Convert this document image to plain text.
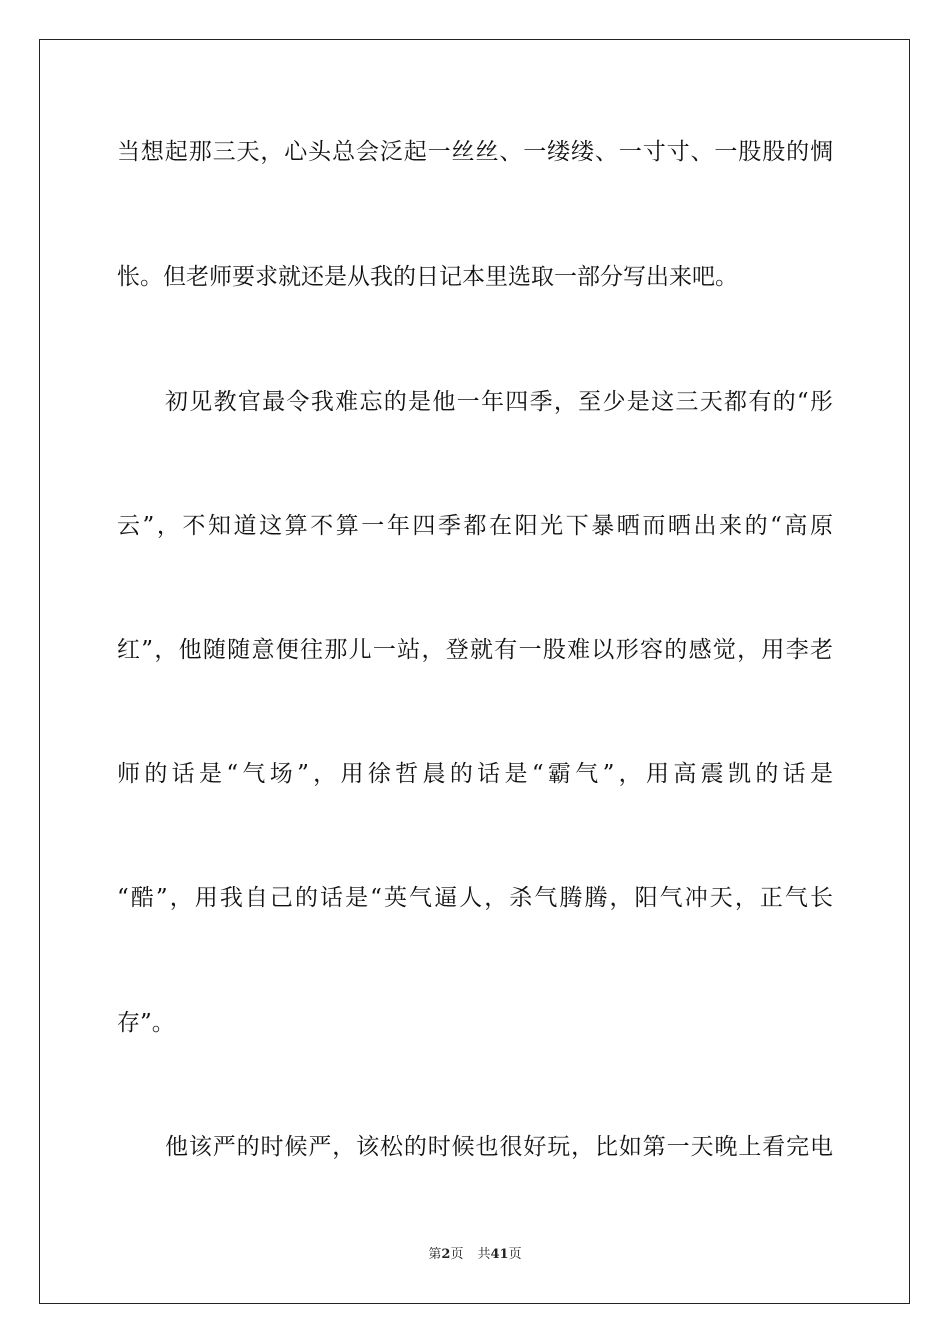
当想起那三天，心头总会泛起一丝丝、一缕缕、一寸寸、一股股的惆
怅。但老师要求就还是从我的日记本里选取一部分写出来吧。
初见教官最令我难忘的是他一年四季，至少是这三天都有的“彤
云”，不知道这算不算一年四季都在阳光下暴晒而晒出来的“高原
红”，他随随意便往那儿一站，登就有一股难以形容的感觉，用李老
师的话是“气场”，用徐哲晨的话是“霸气”，用高震凯的话是
“酷”，用我自己的话是“英气逼人，杀气腾腾，阳气冲天，正气长
存”。
他该严的时候严，该松的时候也很好玩，比如第一天晚上看完电
第2页 共41页
